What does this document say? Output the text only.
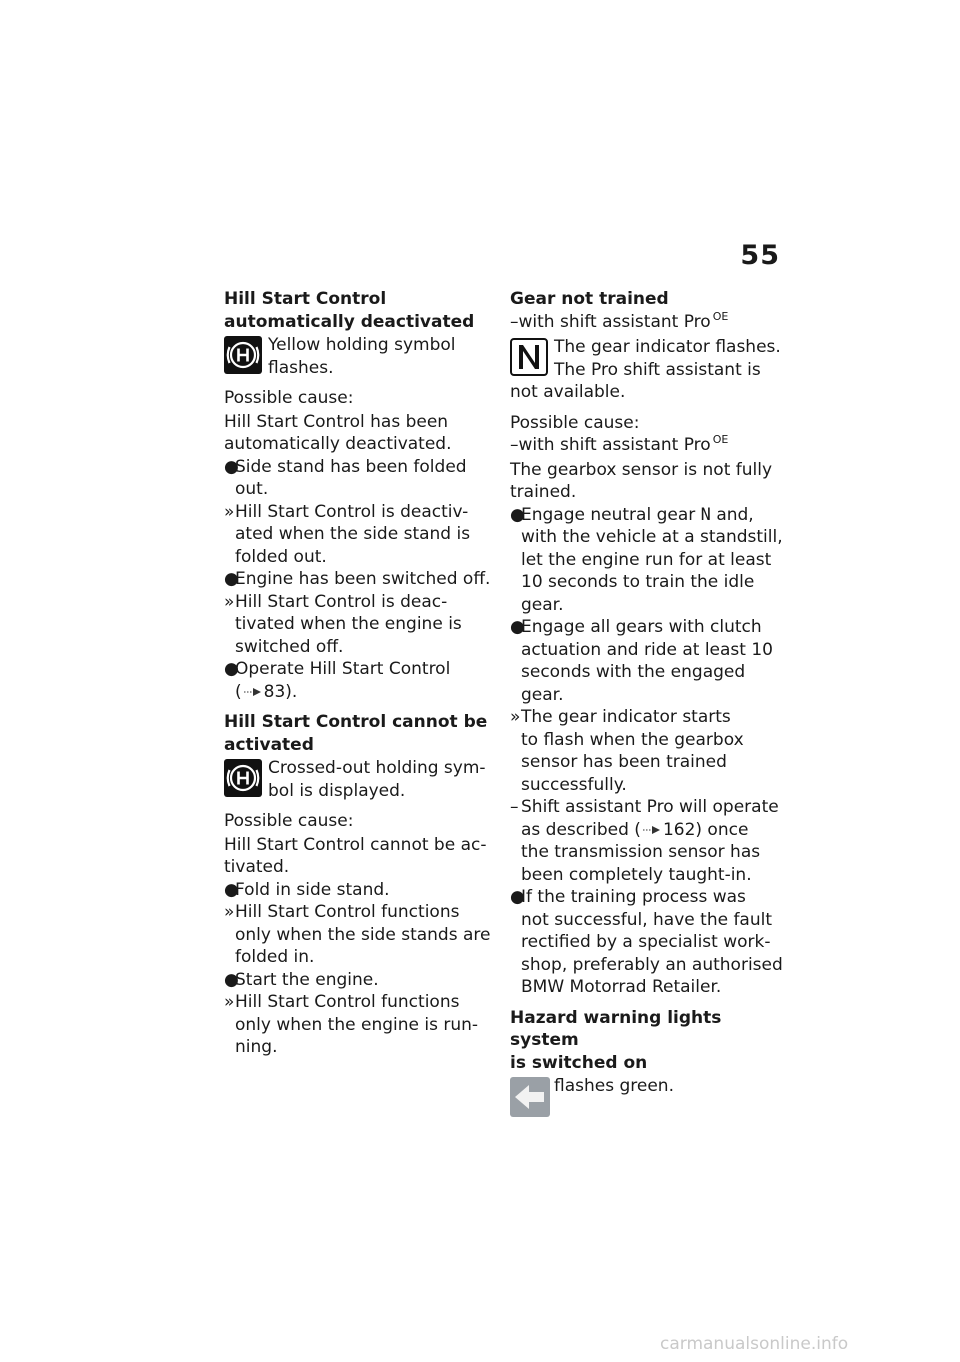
55

Hill Start Control
automatically deactivated

Yellow holding symbol

flashes.

Possible cause:

Hill Start Control has been

automatically deactivated.

●

Side stand has been folded

out.

» Hill Start Control is deactiv-

ated when the side stand is

folded out.

●

Engine has been switched off.

» Hill Start Control is deac-

tivated when the engine is

switched off.

●

Operate Hill Start Control

( 83).

Hill Start Control cannot be
activated

Crossed-out holding sym-

bol is displayed.

Possible cause:

Hill Start Control cannot be ac-

tivated.

●

Fold in side stand.

» Hill Start Control functions

only when the side stands are

folded in.

●

Start the engine.

» Hill Start Control functions

only when the engine is run-

ning.

Gear not trained

–with shift assistant Pro $^{OE}$

The gear indicator flashes.

The Pro shift assistant is

not available.

Possible cause:

–with shift assistant Pro $^{OE}$

The gearbox sensor is not fully

trained.

●

Engage neutral gear N and,

with the vehicle at a standstill,

let the engine run for at least

10 seconds to train the idle

gear.

●

Engage all gears with clutch

actuation and ride at least 10

seconds with the engaged

gear.

» The gear indicator starts

to flash when the gearbox

sensor has been trained

successfully.

– Shift assistant Pro will operate

as described ( 162) once

the transmission sensor has

been completely taught-in.

●

If the training process was

not successful, have the fault

rectified by a specialist work-

shop, preferably an authorised

BMW Motorrad Retailer.

Hazard warning lights system
is switched on

flashes green.

carmanualsonline.info
